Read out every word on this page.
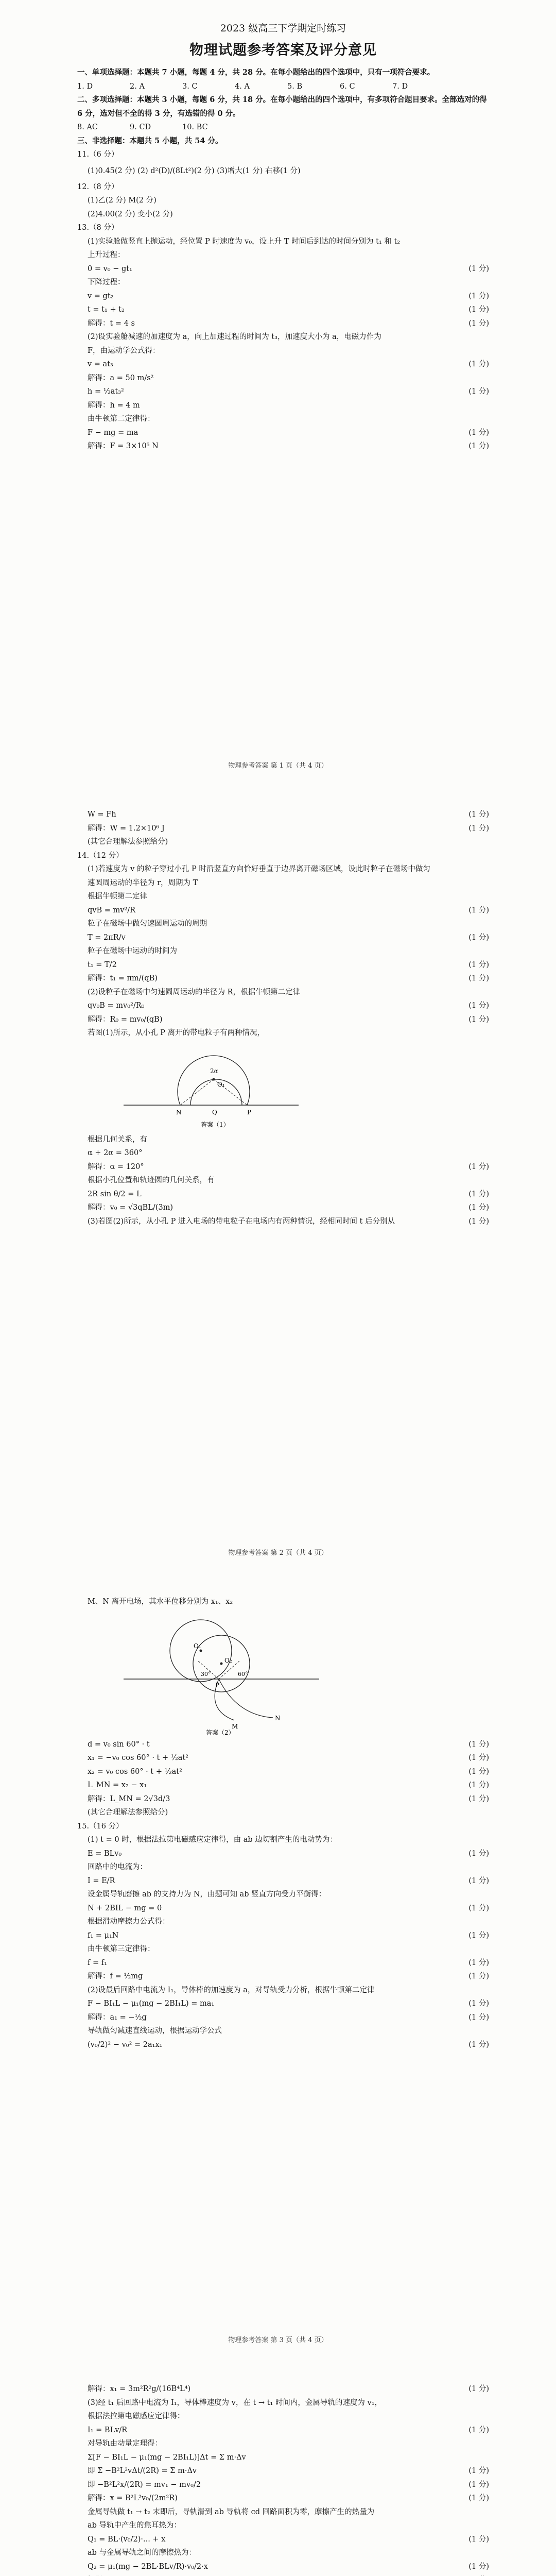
2023 级高三下学期定时练习
物理试题参考答案及评分意见
一、单项选择题：本题共 7 小题，每题 4 分，共 28 分。在每小题给出的四个选项中，只有一项符合要求。
1. D	2. A	3. C	4. A	5. B	6. C	7. D
二、多项选择题：本题共 3 小题，每题 6 分，共 18 分。在每小题给出的四个选项中，有多项符合题目要求。全部选对的得 6 分，选对但不全的得 3 分，有选错的得 0 分。
8. AC	9. CD	10. BC
三、非选择题：本题共 5 小题，共 54 分。
11.（6 分）
(1)0.45(2 分) (2) d²(D)/(8Lt²)(2 分) (3)增大(1 分) 右移(1 分)
12.（8 分）
(1)乙(2 分) M(2 分)
(2)4.00(2 分) 变小(2 分)
13.（8 分）
(1)实验舱做竖直上抛运动，经位置 P 时速度为 v₀，设上升 T 时间后到达的时间分别为 t₁ 和 t₂
上升过程：
0 = v₀ − gt₁	(1 分)
下降过程：
v = gt₂	(1 分)
t = t₁ + t₂	(1 分)
解得：t = 4 s	(1 分)
(2)设实验舱减速的加速度为 a，向上加速过程的时间为 t₃，加速度大小为 a，电磁力作为
F，由运动学公式得：
v = at₃	(1 分)
解得：a = 50 m/s²
h = ½at₃²	(1 分)
解得：h = 4 m
由牛顿第二定律得：
F − mg = ma	(1 分)
解得：F = 3×10⁵ N	(1 分)
物理参考答案 第 1 页（共 4 页）
W = Fh	(1 分)
解得：W = 1.2×10⁶ J	(1 分)
(其它合理解法参照给分)
14.（12 分）
(1)若速度为 v 的粒子穿过小孔 P 时沿竖直方向恰好垂直于边界离开磁场区域，设此时粒子在磁场中做匀
速圆周运动的半径为 r，周期为 T
根据牛顿第二定律
qvB = mv²/R	(1 分)
粒子在磁场中做匀速圆周运动的周期
T = 2πR/v	(1 分)
粒子在磁场中运动的时间为
t₁ = T/2	(1 分)
解得：t₁ = πm/(qB)	(1 分)
(2)设粒子在磁场中匀速圆周运动的半径为 R，根据牛顿第二定律
qv₀B = mv₀²/R₀	(1 分)
解得：R₀ = mv₀/(qB)	(1 分)
若图(1)所示，从小孔 P 离开的带电粒子有两种情况，
2α
O₁
P
N	Q
答案（1）
根据几何关系，有
α + 2α = 360°
解得：α = 120°	(1 分)
根据小孔位置和轨迹圆的几何关系，有
2R sin θ/2 = L	(1 分)
解得：v₀ = √3qBL/(3m)	(1 分)
(3)若图(2)所示，从小孔 P 进入电场的带电粒子在电场内有两种情况，经相同时间 t 后分别从	(1 分)
物理参考答案 第 2 页（共 4 页）
M、N 离开电场，其水平位移分别为 x₁、x₂
O₁
O₂
30°	60°
M
N
P
答案（2）
d = v₀ sin 60° · t	(1 分)
x₁ = −v₀ cos 60° · t + ½at²	(1 分)
x₂ = v₀ cos 60° · t + ½at²	(1 分)
L_MN = x₂ − x₁	(1 分)
解得：L_MN = 2√3d/3	(1 分)
(其它合理解法参照给分)
15.（16 分）
(1) t = 0 时，根据法拉第电磁感应定律得，由 ab 边切割产生的电动势为：
E = BLv₀	(1 分)
回路中的电流为：
I = E/R	(1 分)
设金属导轨磨擦 ab 的支持力为 N，由题可知 ab 竖直方向受力平衡得：
N + 2BIL − mg = 0	(1 分)
根据滑动摩擦力公式得：
f₁ = μ₁N	(1 分)
由牛顿第三定律得：
f = f₁	(1 分)
解得：f = ½mg	(1 分)
(2)设最后回路中电流为 I₁，导体棒的加速度为 a，对导轨受力分析，根据牛顿第二定律
F − BI₁L − μ₁(mg − 2BI₁L) = ma₁	(1 分)
解得：a₁ = −½g	(1 分)
导轨做匀减速直线运动，根据运动学公式
(v₀/2)² − v₀² = 2a₁x₁	(1 分)
物理参考答案 第 3 页（共 4 页）
解得：x₁ = 3m²R²g/(16B⁴L⁴)	(1 分)
(3)经 t₁ 后回路中电流为 I₁，导体棒速度为 v，在 t → t₁ 时间内，金属导轨的速度为 v₁，
根据法拉第电磁感应定律得：
I₁ = BLv/R	(1 分)
对导轨由动量定理得：
Σ[F − BI₁L − μ₁(mg − 2BI₁L)]Δt = Σ m·Δv
即 Σ −B²L²vΔt/(2R) = Σ m·Δv	(1 分)
即 −B²L²x/(2R) = mv₁ − mv₀/2	(1 分)
解得：x = B²L²v₀/(2m²R)	(1 分)
金属导轨做 t₁ → t₂ 末即后，导轨滑到 ab 导轨将 cd 回路面积为零，摩擦产生的热量为
ab 导轨中产生的焦耳热为：
Q₁ = BL·(v₀/2)·... + x	(1 分)
ab 与金属导轨之间的摩擦热为：
Q₂ = μ₁(mg − 2BL·BLv/R)·v₀/2·x	(1 分)
